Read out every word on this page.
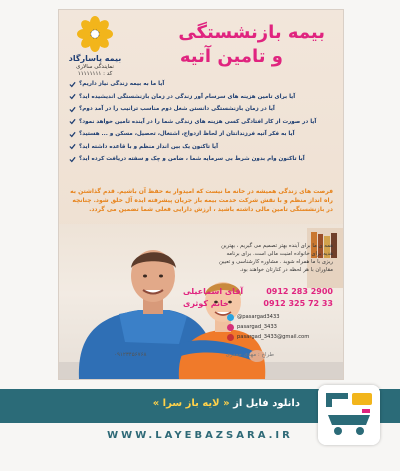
بیمه پاسارگاد
نمایندگی سالاری
کد : ۱۱۱۱۱۱۱۱
بیمه بازنشستگی
و تامین آتیه
آیا ما به بیمه زندگی نیاز داریم؟
آیا برای تامین هزینه های سرسام آور زندگی در زمان بازنشستگی اندیشیده اید؟
آیا در زمان بازنشستگی دانستن شغل دوم مناسب ترانیب را در آمد دوم؟
آیا در صورت از کار افتادگی کسی هزینه های زندگی شما را در آینده تامین خواهد نمود؟
آیا به فکر آتیه فرزندانتان از لحاظ ازدواج، اشتغال، تحصیل، مسکن و ... هستید؟
آیا تاکنون یک بین انداز منظم و با قاعده داشته اید؟
آیا تاکنون وام بدون شرط بی سرمایه شما ، ضامن و چک و سفته دریافت کرده اید؟
فرصت های زندگی همیشه در خانه ما نیست که امیدوار به حفظ آن باشیم. قدم گذاشتن به راه انداز منظم و با نقش شرکت خدمت بیمه باز جریان پیشرفته ایده آل خلق شود. چنانچه در بازنشستگی تامین مالی داشته باشید ، ارزش دارایی فعلی شما تضمین می گردد.
همه ی ما برای آینده بهتر تصمیم می گیریم ، بهترین هدیه برای خانواده امنیت مالی است. برای برنامه ریزی با ما همراه شوید . مشاوره کارشناسی و تعیین مقاوران با هر لحظه در کنارتان خواهند بود.
آقای اسماعیلی	0912 283 2900
خانم کوثری	0912 325 72 33
@pasargad3433
pasargad_3433
pasargad_3433@gmail.com
۰۹۱۲۳۴۵۶۷۶۸	طراح : مهدی جعفری
دانلود فایل از « لایه باز سرا »
WWW.LAYEBAZSARA.IR
